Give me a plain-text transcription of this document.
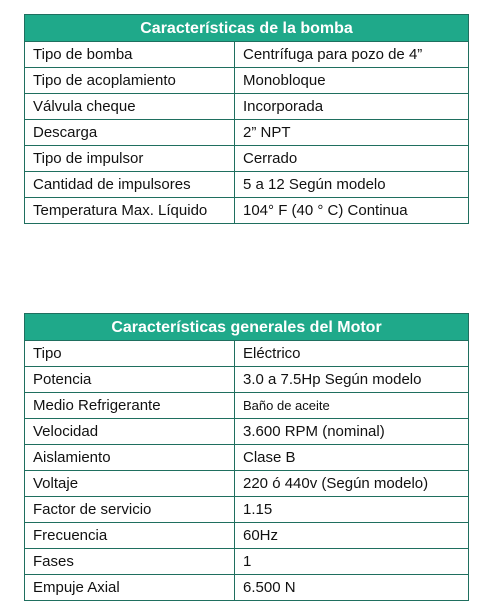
Características de la bomba	
Tipo de bomba	Centrífuga para pozo de 4”
Tipo de acoplamiento	Monobloque
Válvula cheque	Incorporada
Descarga	2” NPT
Tipo de impulsor	Cerrado
Cantidad de impulsores	5 a 12 Según modelo
Temperatura Max. Líquido	104° F (40 ° C) Continua
Características generales del Motor	
Tipo	Eléctrico
Potencia	3.0 a 7.5Hp Según modelo
Medio Refrigerante	Baño de aceite
Velocidad	3.600 RPM (nominal)
Aislamiento	Clase B
Voltaje	220 ó 440v (Según modelo)
Factor de servicio	1.15
Frecuencia	60Hz
Fases	1
Empuje Axial	6.500 N
